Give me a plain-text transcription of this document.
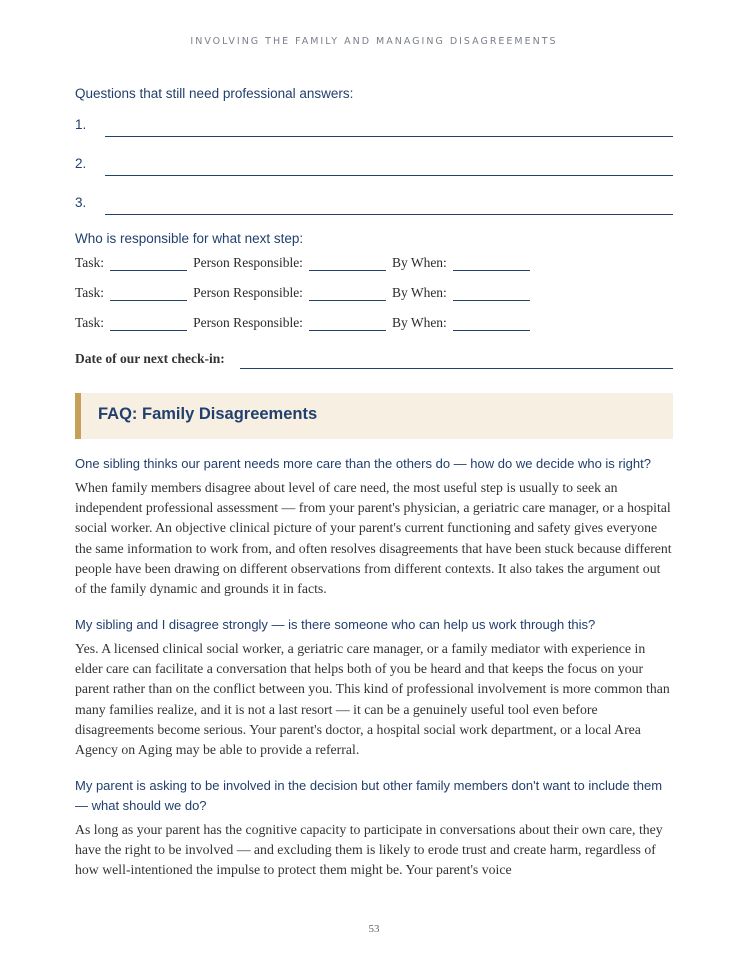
INVOLVING THE FAMILY AND MANAGING DISAGREEMENTS
Questions that still need professional answers:
1.
2.
3.
Who is responsible for what next step:
Task:	Person Responsible:	By When:
Task:	Person Responsible:	By When:
Task:	Person Responsible:	By When:
Date of our next check-in:
FAQ: Family Disagreements
One sibling thinks our parent needs more care than the others do — how do we decide who is right?
When family members disagree about level of care need, the most useful step is usually to seek an independent professional assessment — from your parent's physician, a geriatric care manager, or a hospital social worker. An objective clinical picture of your parent's current functioning and safety gives everyone the same information to work from, and often resolves disagreements that have been stuck because different people have been drawing on different observations from different contexts. It also takes the argument out of the family dynamic and grounds it in facts.
My sibling and I disagree strongly — is there someone who can help us work through this?
Yes. A licensed clinical social worker, a geriatric care manager, or a family mediator with experience in elder care can facilitate a conversation that helps both of you be heard and that keeps the focus on your parent rather than on the conflict between you. This kind of professional involvement is more common than many families realize, and it is not a last resort — it can be a genuinely useful tool even before disagreements become serious. Your parent's doctor, a hospital social work department, or a local Area Agency on Aging may be able to provide a referral.
My parent is asking to be involved in the decision but other family members don't want to include them — what should we do?
As long as your parent has the cognitive capacity to participate in conversations about their own care, they have the right to be involved — and excluding them is likely to erode trust and create harm, regardless of how well-intentioned the impulse to protect them might be. Your parent's voice
53
